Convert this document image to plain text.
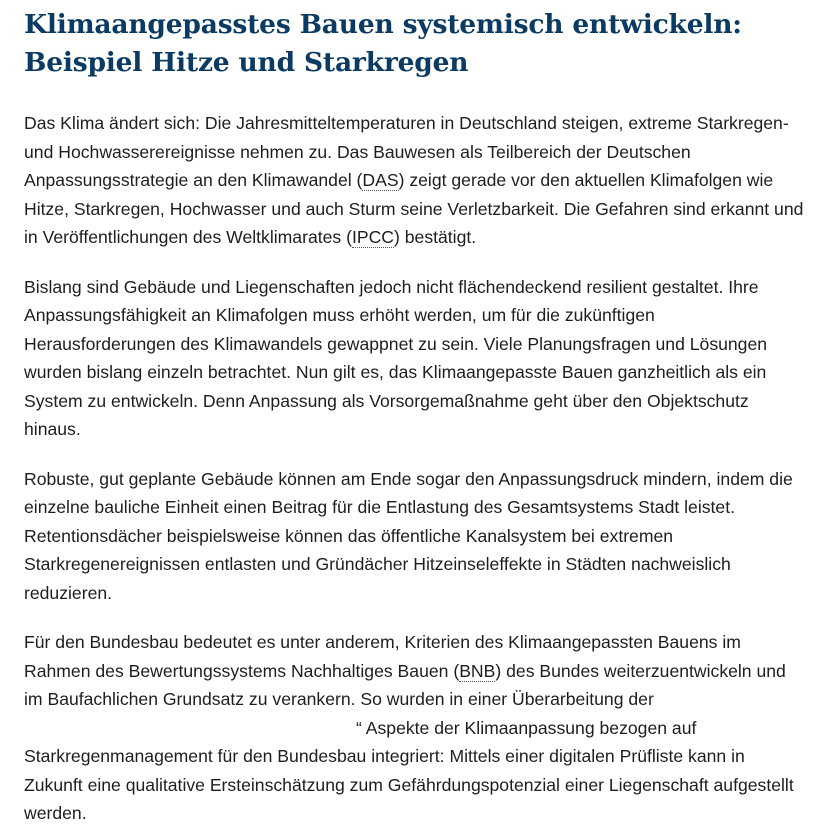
Klimaangepasstes Bauen systemisch entwickeln:
Beispiel Hitze und Starkregen

Das Klima ändert sich: Die Jahresmitteltemperaturen in Deutschland steigen, extreme Starkregen- und Hochwasserereignisse nehmen zu. Das Bauwesen als Teilbereich der Deutschen Anpassungsstrategie an den Klimawandel (DAS) zeigt gerade vor den aktuellen Klimafolgen wie Hitze, Starkregen, Hochwasser und auch Sturm seine Verletzbarkeit. Die Gefahren sind erkannt und in Veröffentlichungen des Weltklimarates (IPCC) bestätigt.

Bislang sind Gebäude und Liegenschaften jedoch nicht flächendeckend resilient gestaltet. Ihre Anpassungsfähigkeit an Klimafolgen muss erhöht werden, um für die zukünftigen Herausforderungen des Klimawandels gewappnet zu sein. Viele Planungsfragen und Lösungen wurden bislang einzeln betrachtet. Nun gilt es, das Klimaangepasste Bauen ganzheitlich als ein System zu entwickeln. Denn Anpassung als Vorsorgemaßnahme geht über den Objektschutz hinaus.

Robuste, gut geplante Gebäude können am Ende sogar den Anpassungsdruck mindern, indem die einzelne bauliche Einheit einen Beitrag für die Entlastung des Gesamtsystems Stadt leistet. Retentionsdächer beispielsweise können das öffentliche Kanalsystem bei extremen Starkregenereignissen entlasten und Gründächer Hitzeinseleffekte in Städten nachweislich reduzieren.

Für den Bundesbau bedeutet es unter anderem, Kriterien des Klimaangepassten Bauens im Rahmen des Bewertungssystems Nachhaltiges Bauen (BNB) des Bundes weiterzuentwickeln und im Baufachlichen Grundsatz zu verankern. So wurden in einer Überarbeitung der “ Aspekte der Klimaanpassung bezogen auf Starkregenmanagement für den Bundesbau integriert: Mittels einer digitalen Prüfliste kann in Zukunft eine qualitative Ersteinschätzung zum Gefährdungspotenzial einer Liegenschaft aufgestellt werden.
